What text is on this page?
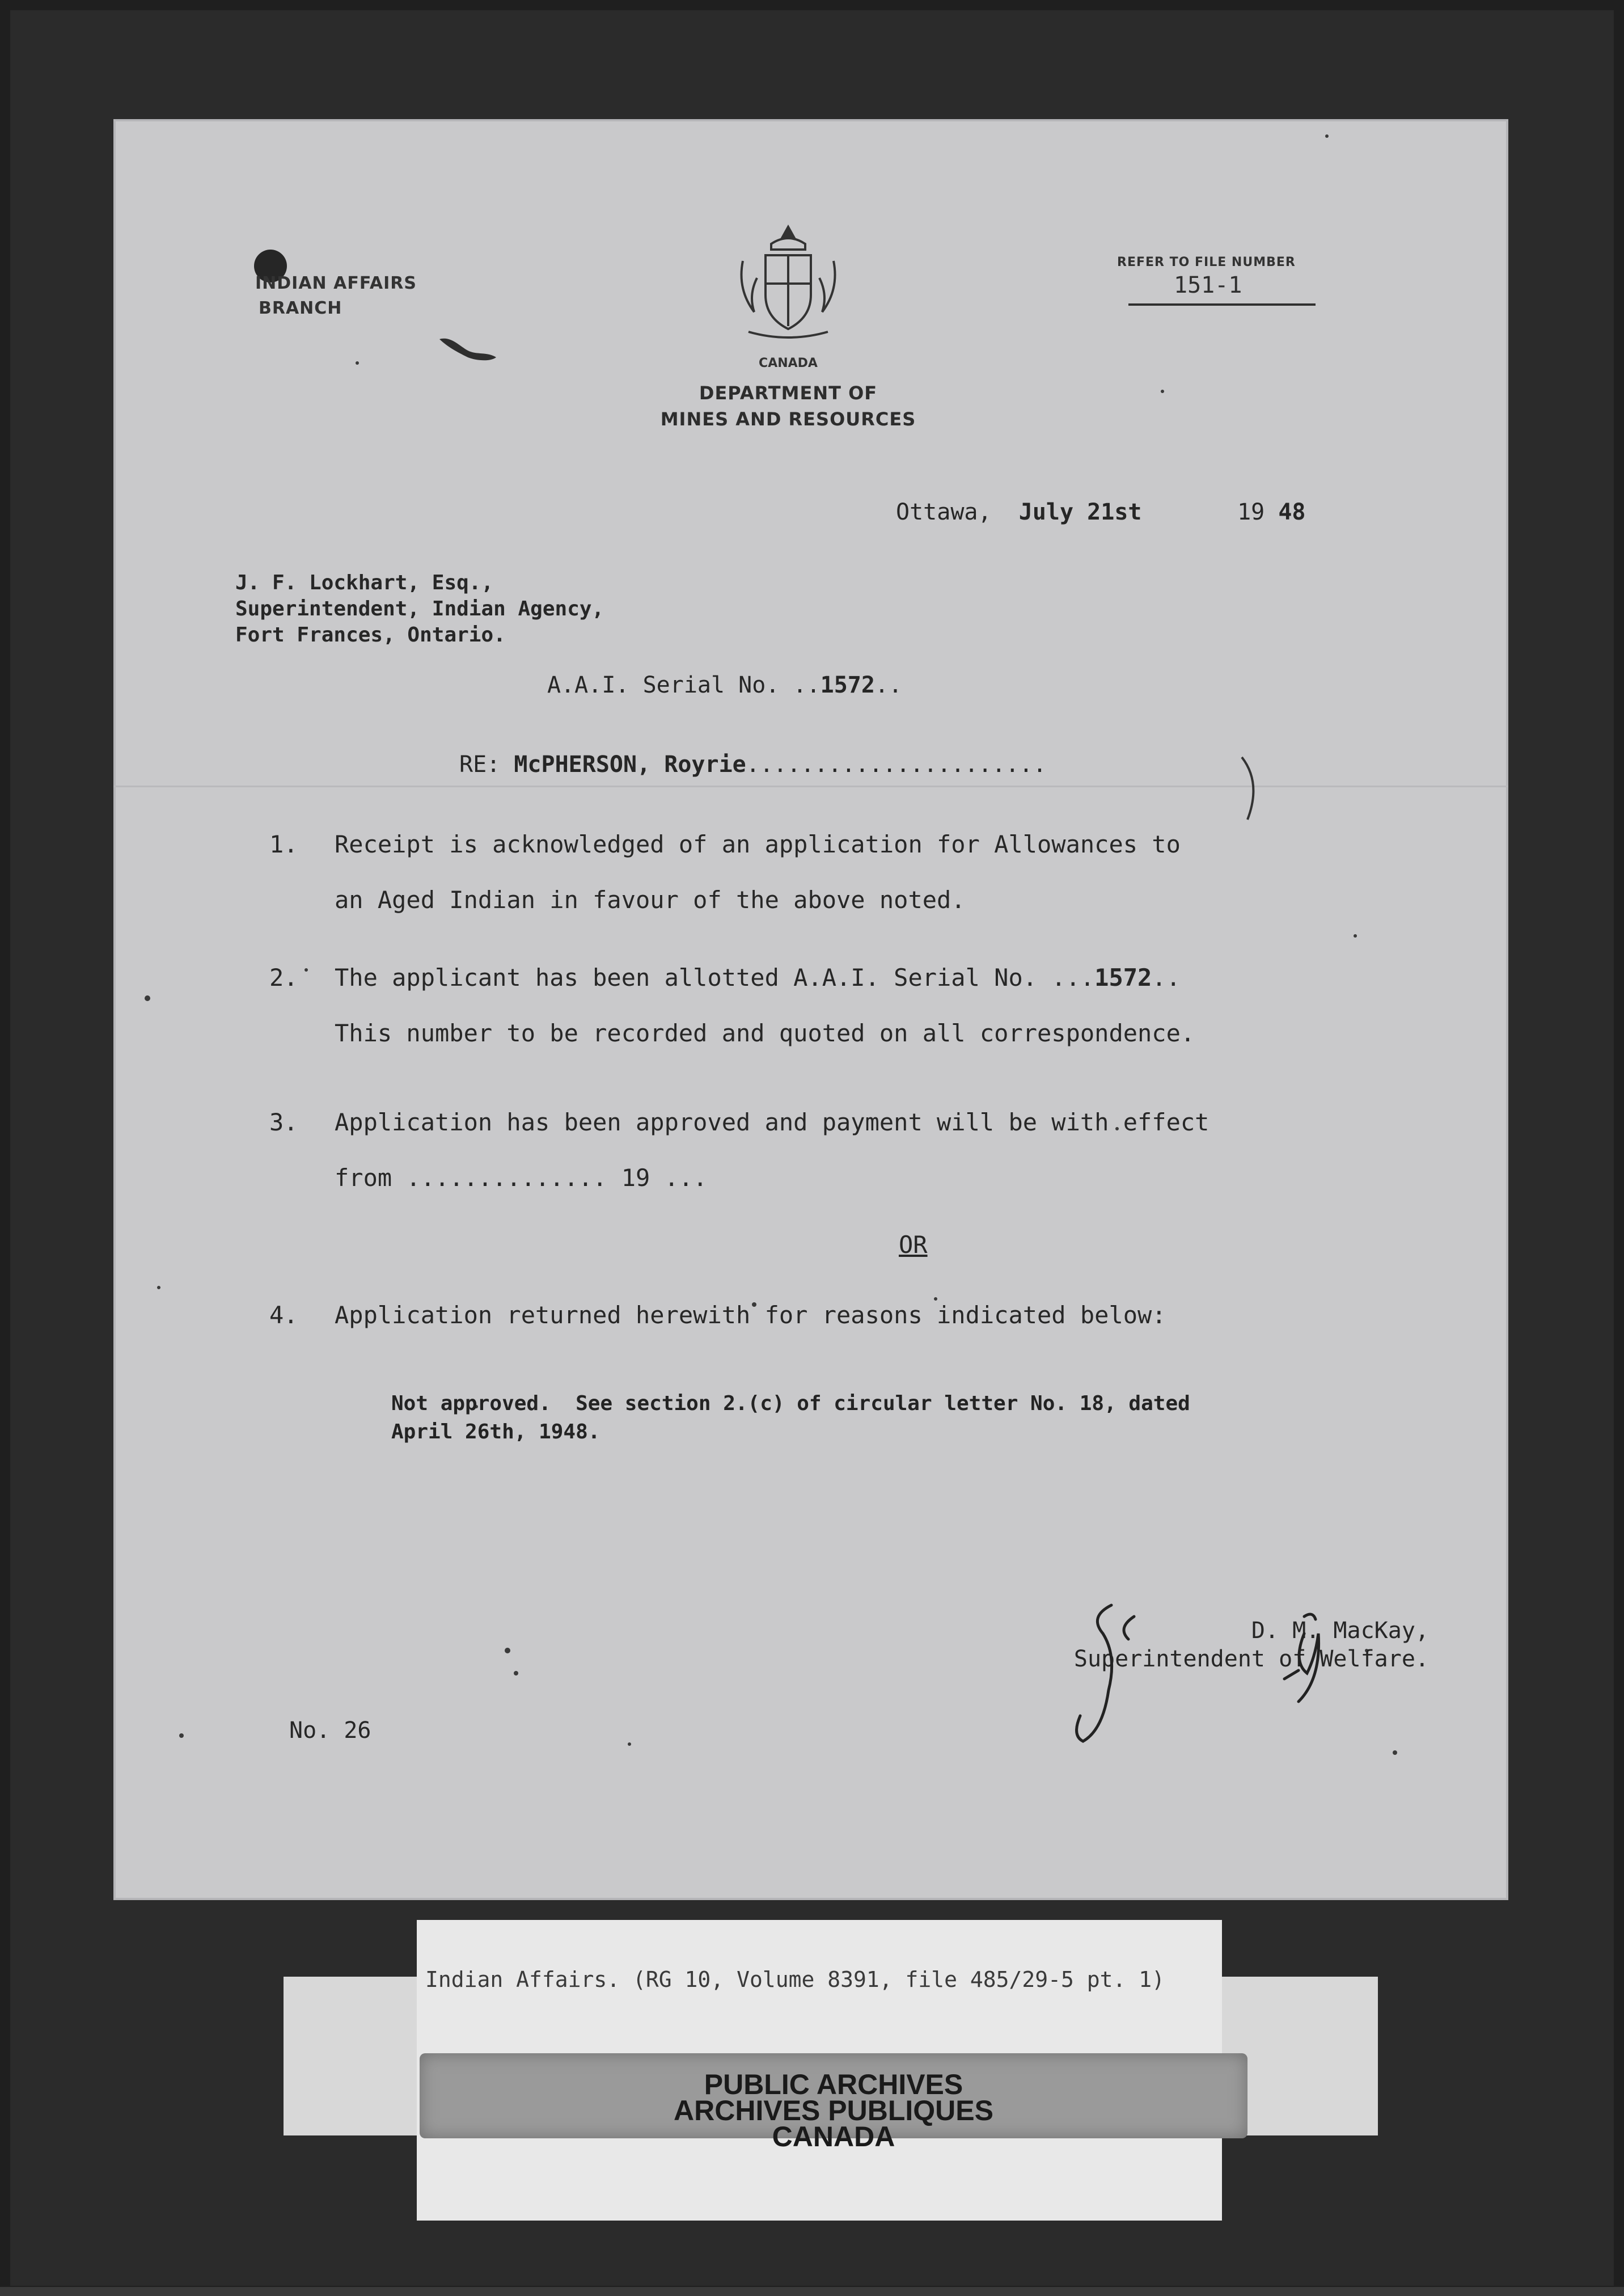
INDIAN AFFAIRS
BRANCH
CANADA
DEPARTMENT OF
MINES AND RESOURCES
REFER TO FILE NUMBER
151-1
Ottawa, July 21st	19 48
J. F. Lockhart, Esq.,
Superintendent, Indian Agency,
Fort Frances, Ontario.
A.A.I. Serial No. ..1572..
RE: McPHERSON, Royrie......................
1. Receipt is acknowledged of an application for Allowances to
an Aged Indian in favour of the above noted.
2. The applicant has been allotted A.A.I. Serial No. ...1572..
This number to be recorded and quoted on all correspondence.
3. Application has been approved and payment will be with effect
from .............. 19 ...
OR
4. Application returned herewith for reasons indicated below:
Not approved.  See section 2.(c) of circular letter No. 18, dated
April 26th, 1948.
D. M. MacKay,
Superintendent of Welfare.
No. 26
Indian Affairs. (RG 10, Volume 8391, file 485/29-5 pt. 1)
PUBLIC ARCHIVES
ARCHIVES PUBLIQUES
CANADA
